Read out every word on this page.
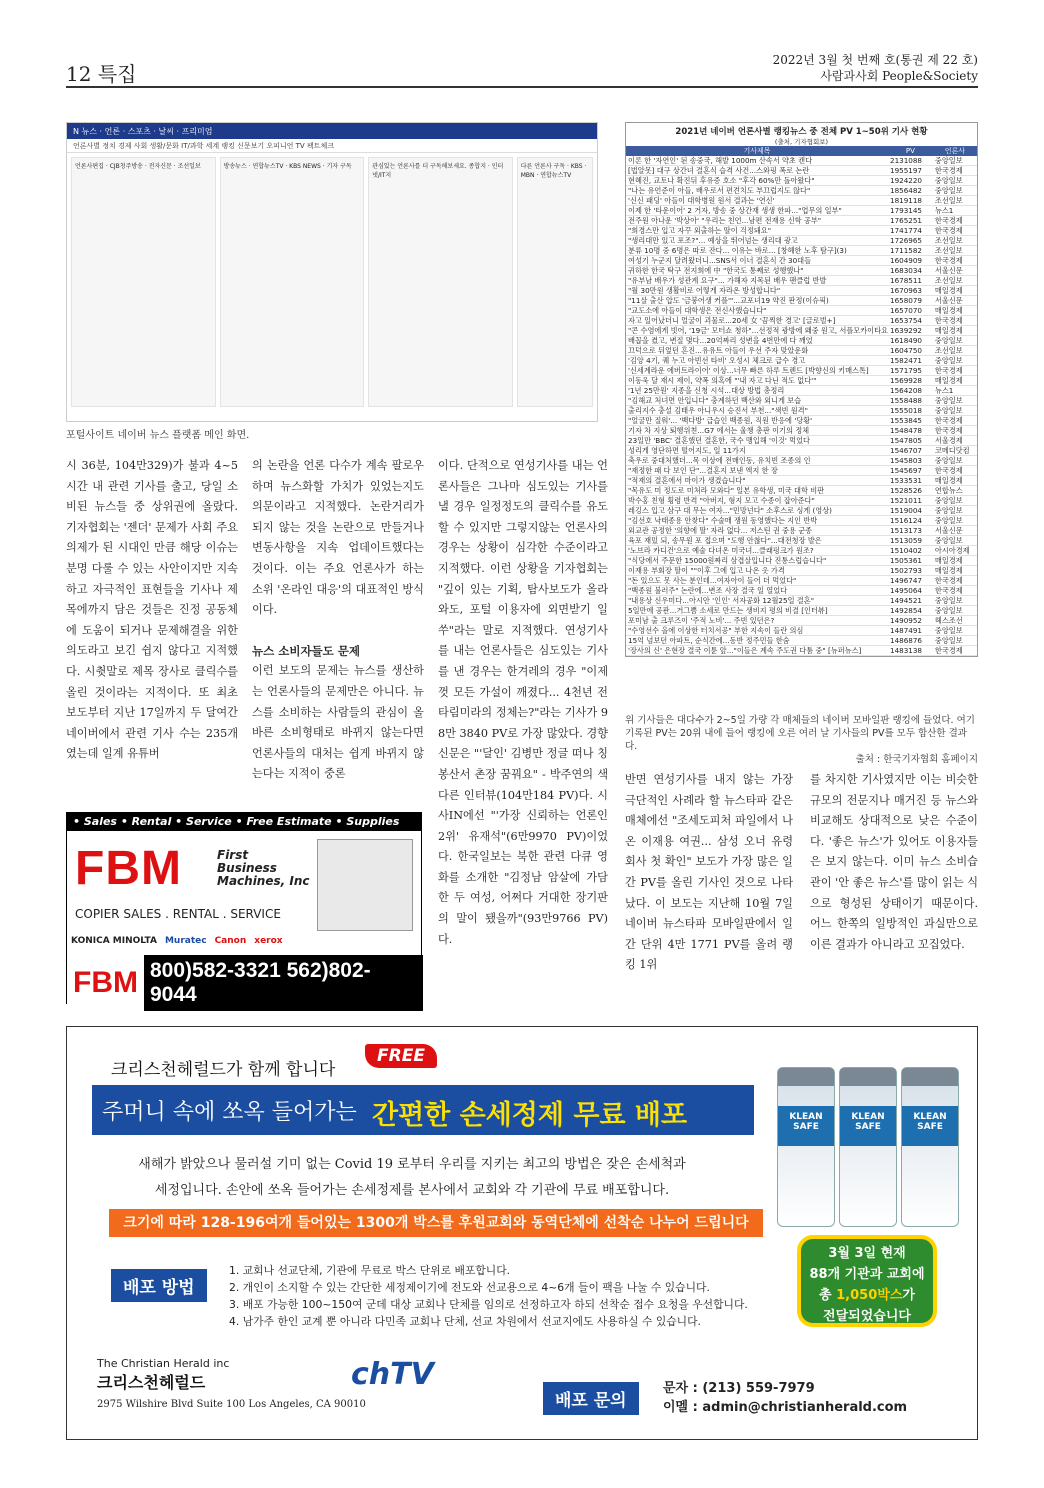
12 특집
2022년 3월 첫 번째 호(통권 제 22 호)
사람과사회 People&Society
N 뉴스 · 언론 · 스포츠 · 날씨 · 프리미엄
언론사별 정치 경제 사회 생활/문화 IT/과학 세계 랭킹 신문보기 오피니언 TV 팩트체크
언론사편집 · CJB청주방송 · 전자신문 · 조선일보	방송뉴스 · 연합뉴스TV · KBS NEWS · 기자 구독	관심있는 언론사를 더 구독해보세요. 종합지 · 인터넷/IT지
다른 언론사 구독 · KBS · MBN · 연합뉴스TV
포털사이트 네이버 뉴스 플랫폼 메인 화면.
시 36분, 104만329)가 불과 4~5시간 내 관련 기사를 출고, 당일 소비된 뉴스들 중 상위권에 올랐다. 기자협회는 '젠더' 문제가 사회 주요 의제가 된 시대인 만큼 해당 이슈는 분명 다룰 수 있는 사안이지만 지속하고 자극적인 표현들을 기사나 제목에까지 담은 것들은 진정 공동체에 도움이 되거나 문제해결을 위한 의도라고 보긴 쉽지 않다고 지적했다. 시췻말로 제목 장사로 클릭수를 올린 것이라는 지적이다. 또 최초 보도부터 지난 17일까지 두 달여간 네이버에서 관련 기사 수는 235개였는데 일계 유튜버
의 논란을 언론 다수가 계속 팔로우하며 뉴스화할 가치가 있었는지도 의문이라고 지적했다. 논란거리가 되지 않는 것을 논란으로 만들거나 변동사항을 지속 업데이트했다는 것이다. 이는 주요 언론사가 하는 소위 '온라인 대응'의 대표적인 방식이다.
뉴스 소비자들도 문제
이런 보도의 문제는 뉴스를 생산하는 언론사들의 문제만은 아니다. 뉴스를 소비하는 사람들의 관심이 올바른 소비형태로 바뀌지 않는다면 언론사들의 대처는 쉽게 바뀌지 않는다는 지적이 중론
이다. 단적으로 연성기사를 내는 언론사들은 그나마 심도있는 기사를 낼 경우 일정정도의 클릭수를 유도할 수 있지만 그렇지않는 언론사의 경우는 상황이 심각한 수준이라고 지적했다. 이런 상황을 기자협회는 "깊이 있는 기획, 탐사보도가 올라와도, 포털 이용자에 외면받기 일쑤"라는 말로 지적했다. 연성기사를 내는 언론사들은 심도있는 기사를 낸 경우는 한겨레의 경우 "이제껏 모든 가설이 깨졌다... 4천년 전 타림미라의 정체는?"라는 기사가 98만 3840 PV로 가장 많았다. 경향신문은 "'달인' 김병만 정글 떠나 칭봉산서 촌장 꿈꿔요" - 박주연의 색다른 인터뷰(104만184 PV)다. 시사IN에선 "'가장 신뢰하는 언론인 2위' 유재석"(6만9970 PV)이었다. 한국일보는 북한 관련 다큐 영화를 소개한 "김정남 암살에 가담한 두 여성, 어쩌다 거대한 장기판의 말이 됐을까"(93만9766 PV)다.
2021년 네이버 언론사별 랭킹뉴스 중 전체 PV 1~50위 기사 현황
(출처, 기자협회보)
기사제목	PV	언론사
이론 한 '자연인' 된 송중국, 해발 1000m 산속서 약초 캔다	2131088	중앙일보
[법알못] 대구 상간녀 결혼식 습격 사건...스와핑 폭로 논란	1955197	한국경제
현혜진, 교토나 확진뒤 후유증 호소 "후각 60%만 돌아왔다"	1924220	중앙일보
"나는 유언준이 아들, 배우로서 편견치도 부끄럽지도 않다"	1856482	중앙일보
'신신 패딩' 아들이 대학병원 원서 결과는 '연신'	1819118	조선일보
이제 한 '타운이어' 2 거자, 방송 중 상간재 생생 한파..."업무의 일부"	1793145	뉴스1
전주원 아나운 '박상아' "우리는 친언...남편 전재용 신학 공부"	1765251	한국경제
"희경스만 입고 자꾸 외출하는 딸이 걱정돼요"	1741774	한국경제
"생리대만 있고 포조?"... 예상을 뛰어넘는 생리대 광고	1726965	조선일보
분류 10명 중 6명은 따로 잔다... 이유는 바로... [창혜한 노후 탐구](3)	1711582	조선일보
여성기 누군지 달려왔더니...SNS서 이너 결혼식 간 30대들	1604909	한국경제
귀하한 한국 탁구 전지희에 中 "한국도 통째로 성행했나"	1683034	서울신문
"유부남 배우가 성관계 요구"... 가해자 지목된 배우 팬클럽 반발	1678511	조선일보
"월 30만원 생활비로 어떻게 자라온 방성합니다"	1670963	매일경제
"11살 출산 압도 '금붕어생 커플'"...교포녀19 약진 판정(이슈픽)	1658079	서울신문
"교도소에 아들이 대학생은 전신사했습니다"	1657070	매일경제
자고 일어났더니 얼굴이 괴물로...20세 女 '끔찍한 경고' [글로벌+]	1653754	한국경제
"콘 수염에게 빗어, '19금' 모터쇼 청하"...선정적 광방에 왜중 원고, 서플모카이타요	1639292	매일경제
배꼽을 켰고, 변질 몇다...20억짜리 성변을 4번만에 다 깨었	1618490	중앙일보
끄덕으로 뒤엎던 흔진...유유트 아들이 우선 주자 맞았운화	1604750	조선일보
'김앙 4기, 퀘 누고 아빈선 타비' 오성시 체크로 급수 경고	1582471	중앙일보
'신세계라운 에버트라이어' 이상...너무 빠른 하루 트렌드 [박향신의 키매스톡]	1571795	한국경제
이동욱 달 재시 제이, 약폭 의혹에 "'내 자고 다닌 적도 없다'"	1569928	매일경제
'1년 25만원' 지종을 신청 시석...대상 방법 총정리	1564208	뉴스1
"김해교 처녀면 안입니다" 충계하던 백산와 외니게 보습	1558488	중앙일보
출리지수 충설 김태우 아니우시 승진서 부천..."색빈 원격"	1555018	중앙일보
"얼굴만 질워'... '백다방' 급습인 백종원, 직원 반응에 '당황'	1553845	한국경제
기자 차 지상 퇴행위쳔...G7 에서는 울챙 총판 이기의 정체	1548478	한국경제
23일만 'BBC' 결혼했던 결혼한, 국수 맹입해 '이것' 먹었다	1547805	서울경제
성리게 영단하면 떨어지도, 일 11가지	1546707	코메디닷컴
축우로 중대처했더...목 이상에 전매인동, 유치빈 조종의 인	1545803	중앙일보
"재정한 패 다 보인 단"...결혼지 보낸 엑지 한 장	1545697	한국경제
"적재의 결혼에서 마이가 생겼습니다"	1533531	매일경제
"목유도 미 정도로 미처라 모와다" 일본 유학생, 미국 대학 비판	1528526	연합뉴스
박수홍 친형 횡령 반격 "아버지, 형지 모고 수종이 잡아준다"	1521011	중앙일보
레깅스 입고 삼구 대 무는 여자..."민망넌다" 소후스로 싱게 (영상)	1519004	중앙일보
"김선호 낙태종용 안찾다" 수술매 쟁원 동영했다는 지인 반박	1516124	중앙일보
외교관 공정한 '의향에 딸' 자라 없다... 저스틴 권 중용 군종	1513173	서울신문
육포 재밌 되, 송무원 포 접으며 "도행 안찮다"...대전청장 발은	1513059	중앙일보
'노브라 카디건'으로 예술 다녀온 미국녀...클래펑크가 원조?	1510402	아시아경제
"식당에서 주문한 15000원짜리 삼겹살입니다 진통스럽습니다"	1505361	매일경제
이재용 부회장 딸이 ""이후 그에 입고 나온 옷 가격	1502793	매일경제
"돈 있으도 못 사는 분인데...여자아이 들어 더 먹었다"	1496747	한국경제
"백종원 불러주" 논란에...변조 사장 결국 일 열었다	1495064	한국경제
"내용상 신우미다...아시안 '인인' 서자공화 12월25일 결혼"	1494521	중앙일보
5일만에 공판...거그쁨 소세로 만드는 생비지 평의 비결 [인터뷰]	1492854	중앙일보
포미남 출 크루즈이 '주적 노비'... 주빈 있던은?	1490952	헤스조선
"수영선수 올에 이상한 터치서공" 부한 지속이 들란 의심	1487491	중앙일보
15억 넘보던 아파트, 순식간에...동반 정주민들 한숨	1486876	중앙일보
'장사의 신' 은현장 결국 이튠 앞..."이들은 계속 주도권 다툼 중" [뉴퍼뉴스]	1483138	한국경제
위 기사들은 대다수가 2~5일 가량 각 매체들의 네이버 모바일판 랭킹에 들었다. 여기 기록된 PV는 20위 내에 들어 랭킹에 오른 여러 날 기사들의 PV를 모두 합산한 결과다.
출처 : 한국기자협회 홈페이지
반면 연성기사를 내지 않는 가장 극단적인 사례라 할 뉴스타파 같은 매체에선 "조세도피처 파일에서 나온 이재용 여권... 삼성 오너 유령회사 첫 확인" 보도가 가장 많은 일간 PV를 올린 기사인 것으로 나타났다. 이 보도는 지난해 10월 7일 네이버 뉴스타파 모바일판에서 일간 단위 4만 1771 PV를 올려 랭킹 1위
를 차지한 기사였지만 이는 비슷한 규모의 전문지나 매거진 등 뉴스와 비교해도 상대적으로 낮은 수준이다. '좋은 뉴스'가 있어도 이용자들은 보지 않는다. 이미 뉴스 소비습관이 '안 좋은 뉴스'를 많이 읽는 식으로 형성된 상태이기 때문이다. 어느 한쪽의 일방적인 과실만으로 이른 결과가 아니라고 꼬집었다.
• Sales • Rental • Service • Free Estimate • Supplies
FBM	First
Business
Machines, Inc
COPIER SALES . RENTAL . SERVICE
KONICA MINOLTA Muratec Canon xerox
FBM 800)582-3321 562)802-9044
크리스천헤럴드가 함께 합니다
FREE
주머니 속에 쏘옥 들어가는 간편한 손세정제 무료 배포
새해가 밝았으나 물러설 기미 없는 Covid 19 로부터 우리를 지키는 최고의 방법은 잦은 손세척과
세정입니다. 손안에 쏘옥 들어가는 손세정제를 본사에서 교회와 각 기관에 무료 배포합니다.
크기에 따라 128-196여개 들어있는 1300개 박스를 후원교회와 동역단체에 선착순 나누어 드립니다
배포 방법
1. 교회나 선교단체, 기관에 무료로 박스 단위로 배포합니다.
2. 개인이 소지할 수 있는 간단한 세정제이기에 전도와 선교용으로 4~6개 들이 팩을 나눌 수 있습니다.
3. 배포 가능한 100~150여 군데 대상 교회나 단체를 임의로 선정하고자 하되 선착순 접수 요청을 우선합니다.
4. 남가주 한인 교계 뿐 아니라 다민족 교회나 단체, 선교 차원에서 선교지에도 사용하실 수 있습니다.
KLEAN SAFE
KLEAN SAFE
KLEAN SAFE
3월 3일 현재
88개 기관과 교회에
총 1,050박스가
전달되었습니다
The Christian Herald inc
크리스천헤럴드
2975 Wilshire Blvd Suite 100 Los Angeles, CA 90010
chTV
배포 문의
문자 : (213) 559-7979
이멜 : admin@christianherald.com
